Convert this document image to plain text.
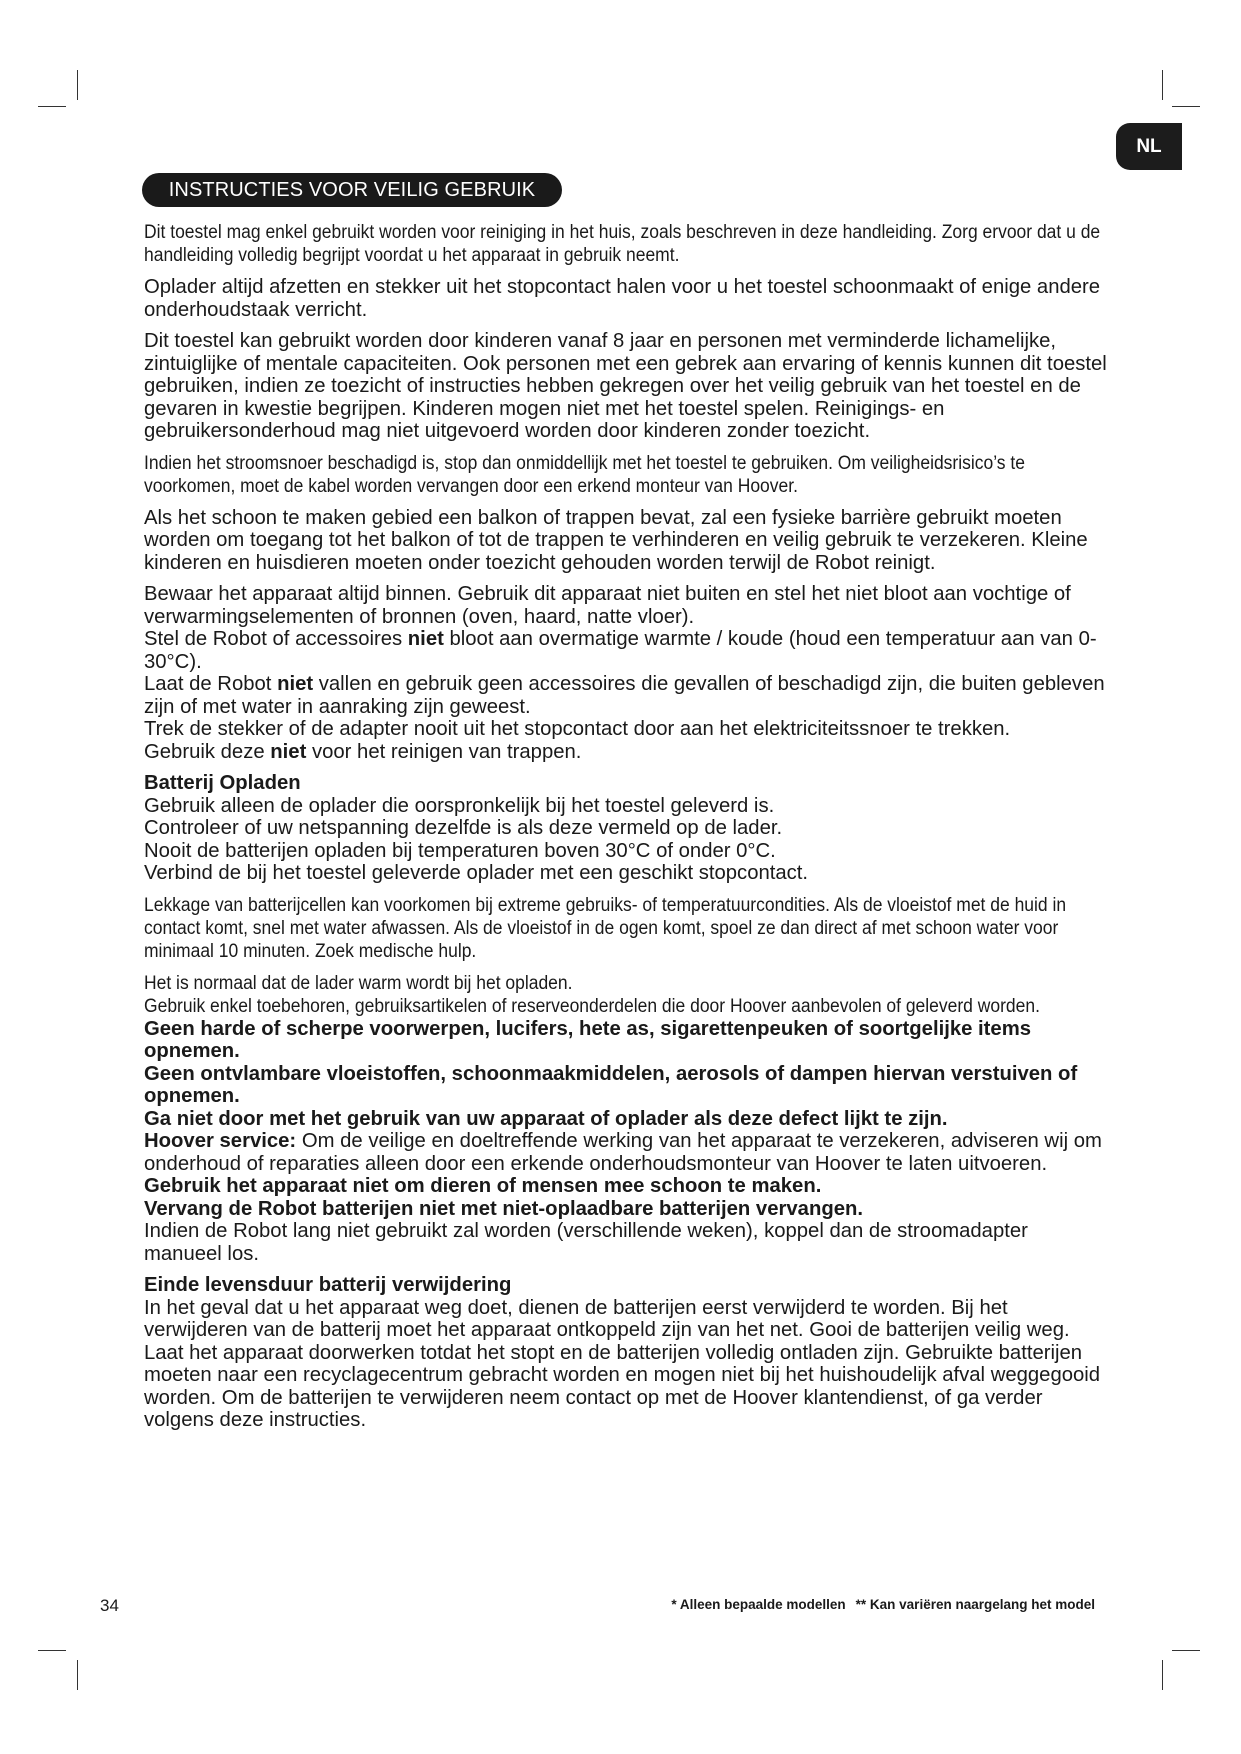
NL
INSTRUCTIES VOOR VEILIG GEBRUIK

Dit toestel mag enkel gebruikt worden voor reiniging in het huis, zoals beschreven in deze handleiding. Zorg ervoor dat u de handleiding volledig begrijpt voordat u het apparaat in gebruik neemt.

Oplader altijd afzetten en stekker uit het stopcontact halen voor u het toestel schoonmaakt of enige andere onderhoudstaak verricht.

Dit toestel kan gebruikt worden door kinderen vanaf 8 jaar en personen met verminderde lichamelijke, zintuiglijke of mentale capaciteiten. Ook personen met een gebrek aan ervaring of kennis kunnen dit toestel gebruiken, indien ze toezicht of instructies hebben gekregen over het veilig gebruik van het toestel en de gevaren in kwestie begrijpen. Kinderen mogen niet met het toestel spelen. Reinigings- en gebruikersonderhoud mag niet uitgevoerd worden door kinderen zonder toezicht.

Indien het stroomsnoer beschadigd is, stop dan onmiddellijk met het toestel te gebruiken. Om veiligheidsrisico’s te voorkomen, moet de kabel worden vervangen door een erkend monteur van Hoover.

Als het schoon te maken gebied een balkon of trappen bevat, zal een fysieke barrière gebruikt moeten worden om toegang tot het balkon of tot de trappen te verhinderen en veilig gebruik te verzekeren. Kleine kinderen en huisdieren moeten onder toezicht gehouden worden terwijl de Robot reinigt.

Bewaar het apparaat altijd binnen. Gebruik dit apparaat niet buiten en stel het niet bloot aan vochtige of verwarmingselementen of bronnen (oven, haard, natte vloer).

Stel de Robot of accessoires niet bloot aan overmatige warmte / koude (houd een temperatuur aan van 0-30°C).

Laat de Robot niet vallen en gebruik geen accessoires die gevallen of beschadigd zijn, die buiten gebleven zijn of met water in aanraking zijn geweest.

Trek de stekker of de adapter nooit uit het stopcontact door aan het elektriciteitssnoer te trekken.

Gebruik deze niet voor het reinigen van trappen.

Batterij Opladen

Gebruik alleen de oplader die oorspronkelijk bij het toestel geleverd is.

Controleer of uw netspanning dezelfde is als deze vermeld op de lader.

Nooit de batterijen opladen bij temperaturen boven 30°C of onder 0°C.

Verbind de bij het toestel geleverde oplader met een geschikt stopcontact.

Lekkage van batterijcellen kan voorkomen bij extreme gebruiks- of temperatuurcondities. Als de vloeistof met de huid in contact komt, snel met water afwassen. Als de vloeistof in de ogen komt, spoel ze dan direct af met schoon water voor minimaal 10 minuten. Zoek medische hulp.

Het is normaal dat de lader warm wordt bij het opladen.

Gebruik enkel toebehoren, gebruiksartikelen of reserveonderdelen die door Hoover aanbevolen of geleverd worden.

Geen harde of scherpe voorwerpen, lucifers, hete as, sigarettenpeuken of soortgelijke items opnemen.

Geen ontvlambare vloeistoffen, schoonmaakmiddelen, aerosols of dampen hiervan verstuiven of opnemen.

Ga niet door met het gebruik van uw apparaat of oplader als deze defect lijkt te zijn.

Hoover service: Om de veilige en doeltreffende werking van het apparaat te verzekeren, adviseren wij om onderhoud of reparaties alleen door een erkende onderhoudsmonteur van Hoover te laten uitvoeren.

Gebruik het apparaat niet om dieren of mensen mee schoon te maken.

Vervang de Robot batterijen niet met niet-oplaadbare batterijen vervangen.

Indien de Robot lang niet gebruikt zal worden (verschillende weken), koppel dan de stroomadapter manueel los.

Einde levensduur batterij verwijdering

In het geval dat u het apparaat weg doet, dienen de batterijen eerst verwijderd te worden. Bij het verwijderen van de batterij moet het apparaat ontkoppeld zijn van het net. Gooi de batterijen veilig weg. Laat het apparaat doorwerken totdat het stopt en de batterijen volledig ontladen zijn. Gebruikte batterijen moeten naar een recyclagecentrum gebracht worden en mogen niet bij het huishoudelijk afval weggegooid worden. Om de batterijen te verwijderen neem contact op met de Hoover klantendienst, of ga verder volgens deze instructies.

34	* Alleen bepaalde modellen ** Kan variëren naargelang het model
